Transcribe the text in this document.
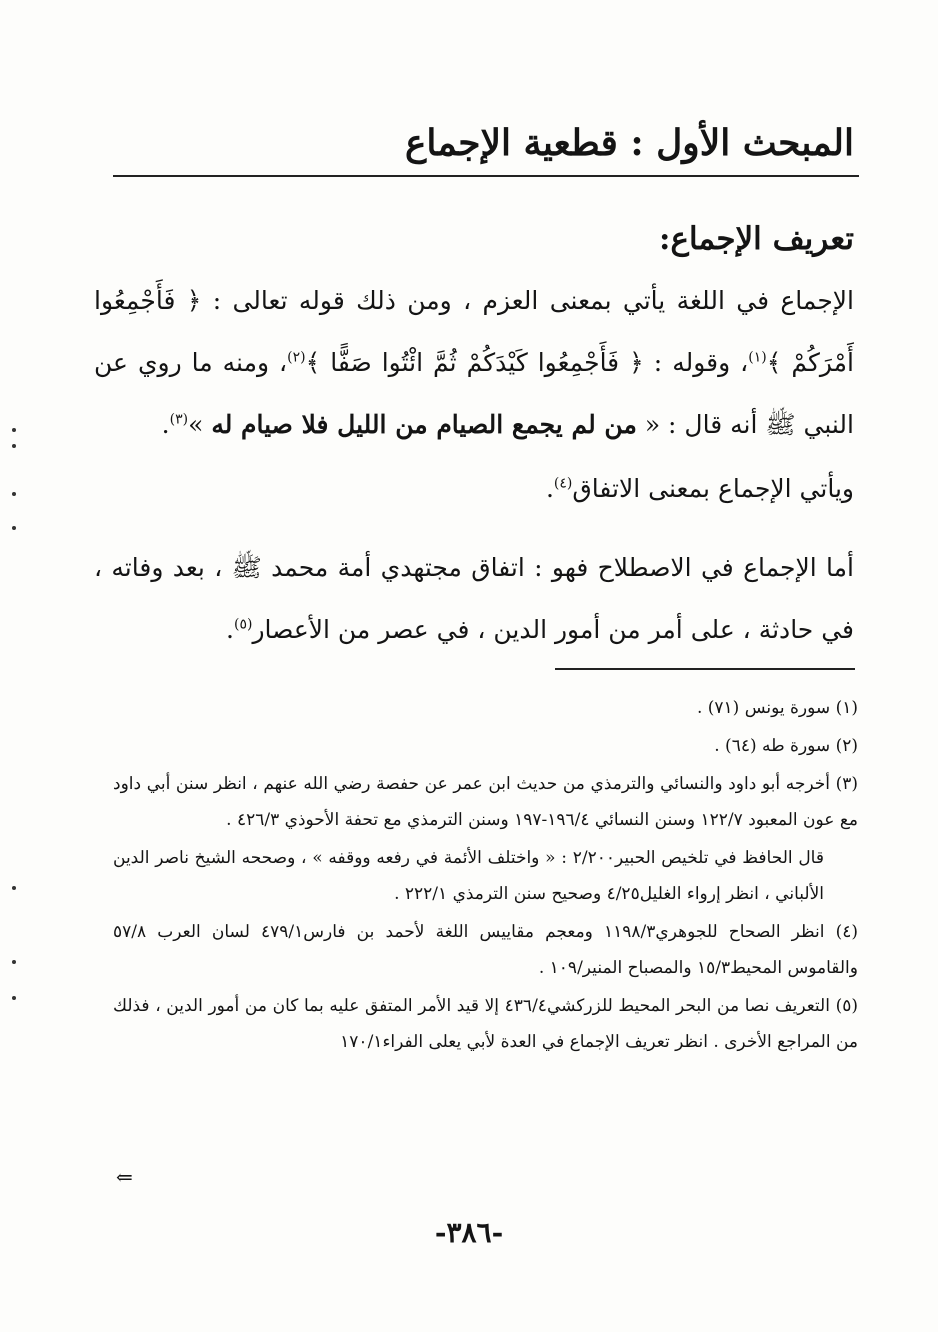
المبحث الأول : قطعية الإجماع
تعريف الإجماع:
الإجماع في اللغة يأتي بمعنى العزم ، ومن ذلك قوله تعالى : ﴿ فَأَجْمِعُوا أَمْرَكُمْ ﴾$^{(١)}$، وقوله : ﴿ فَأَجْمِعُوا كَيْدَكُمْ ثُمَّ ائْتُوا صَفًّا ﴾$^{(٢)}$، ومنه ما روي عن النبي ﷺ أنه قال : « من لم يجمع الصيام من الليل فلا صيام له »$^{(٣)}$.
ويأتي الإجماع بمعنى الاتفاق$^{(٤)}$.
أما الإجماع في الاصطلاح فهو : اتفاق مجتهدي أمة محمد ﷺ ، بعد وفاته ، في حادثة ، على أمر من أمور الدين ، في عصر من الأعصار$^{(٥)}$.
(١) سورة يونس (٧١) .
(٢) سورة طه (٦٤) .
(٣) أخرجه أبو داود والنسائي والترمذي من حديث ابن عمر عن حفصة رضي الله عنهم ، انظر سنن أبي داود مع عون المعبود ١٢٢/٧ وسنن النسائي ١٩٦/٤-١٩٧ وسنن الترمذي مع تحفة الأحوذي ٤٢٦/٣ .
قال الحافظ في تلخيص الحبير٢/٢٠٠ : « واختلف الأئمة في رفعه ووقفه » ، وصححه الشيخ ناصر الدين الألباني ، انظر إرواء الغليل٤/٢٥ وصحيح سنن الترمذي ٢٢٢/١ .
(٤) انظر الصحاح للجوهري١١٩٨/٣ ومعجم مقاييس اللغة لأحمد بن فارس٤٧٩/١ لسان العرب ٥٧/٨ والقاموس المحيط١٥/٣ والمصباح المنير/١٠٩ .
(٥) التعريف نصا من البحر المحيط للزركشي٤٣٦/٤ إلا قيد الأمر المتفق عليه بما كان من أمور الدين ، فذلك من المراجع الأخرى . انظر تعريف الإجماع في العدة لأبي يعلى الفراء١٧٠/١
⇐
-٣٨٦-
